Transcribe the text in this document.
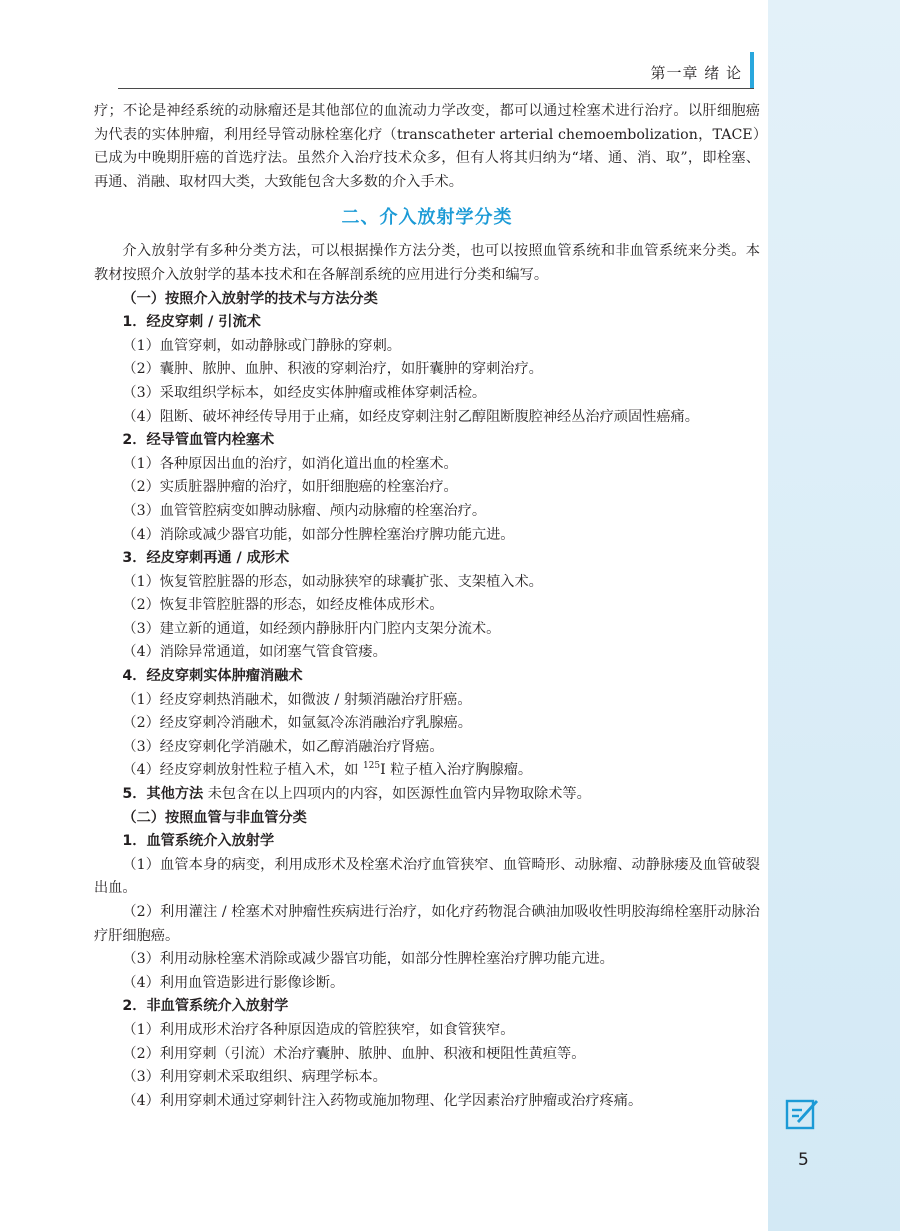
第一章 绪 论

疗；不论是神经系统的动脉瘤还是其他部位的血流动力学改变，都可以通过栓塞术进行治疗。以肝细胞癌为代表的实体肿瘤，利用经导管动脉栓塞化疗（transcatheter arterial chemoembolization，TACE）已成为中晚期肝癌的首选疗法。虽然介入治疗技术众多，但有人将其归纳为“堵、通、消、取”，即栓塞、再通、消融、取材四大类，大致能包含大多数的介入手术。

二、介入放射学分类

介入放射学有多种分类方法，可以根据操作方法分类，也可以按照血管系统和非血管系统来分类。本教材按照介入放射学的基本技术和在各解剖系统的应用进行分类和编写。

（一）按照介入放射学的技术与方法分类

1．经皮穿刺 / 引流术

（1）血管穿刺，如动静脉或门静脉的穿刺。

（2）囊肿、脓肿、血肿、积液的穿刺治疗，如肝囊肿的穿刺治疗。

（3）采取组织学标本，如经皮实体肿瘤或椎体穿刺活检。

（4）阻断、破坏神经传导用于止痛，如经皮穿刺注射乙醇阻断腹腔神经丛治疗顽固性癌痛。

2．经导管血管内栓塞术

（1）各种原因出血的治疗，如消化道出血的栓塞术。

（2）实质脏器肿瘤的治疗，如肝细胞癌的栓塞治疗。

（3）血管管腔病变如脾动脉瘤、颅内动脉瘤的栓塞治疗。

（4）消除或减少器官功能，如部分性脾栓塞治疗脾功能亢进。

3．经皮穿刺再通 / 成形术

（1）恢复管腔脏器的形态，如动脉狭窄的球囊扩张、支架植入术。

（2）恢复非管腔脏器的形态，如经皮椎体成形术。

（3）建立新的通道，如经颈内静脉肝内门腔内支架分流术。

（4）消除异常通道，如闭塞气管食管瘘。

4．经皮穿刺实体肿瘤消融术

（1）经皮穿刺热消融术，如微波 / 射频消融治疗肝癌。

（2）经皮穿刺冷消融术，如氩氦冷冻消融治疗乳腺癌。

（3）经皮穿刺化学消融术，如乙醇消融治疗肾癌。

（4）经皮穿刺放射性粒子植入术，如 $^{125}$I 粒子植入治疗胸腺瘤。

5．其他方法 未包含在以上四项内的内容，如医源性血管内异物取除术等。

（二）按照血管与非血管分类

1．血管系统介入放射学

（1）血管本身的病变，利用成形术及栓塞术治疗血管狭窄、血管畸形、动脉瘤、动静脉瘘及血管破裂出血。

（2）利用灌注 / 栓塞术对肿瘤性疾病进行治疗，如化疗药物混合碘油加吸收性明胶海绵栓塞肝动脉治疗肝细胞癌。

（3）利用动脉栓塞术消除或减少器官功能，如部分性脾栓塞治疗脾功能亢进。

（4）利用血管造影进行影像诊断。

2．非血管系统介入放射学

（1）利用成形术治疗各种原因造成的管腔狭窄，如食管狭窄。

（2）利用穿刺（引流）术治疗囊肿、脓肿、血肿、积液和梗阻性黄疸等。

（3）利用穿刺术采取组织、病理学标本。

（4）利用穿刺术通过穿刺针注入药物或施加物理、化学因素治疗肿瘤或治疗疼痛。

5
